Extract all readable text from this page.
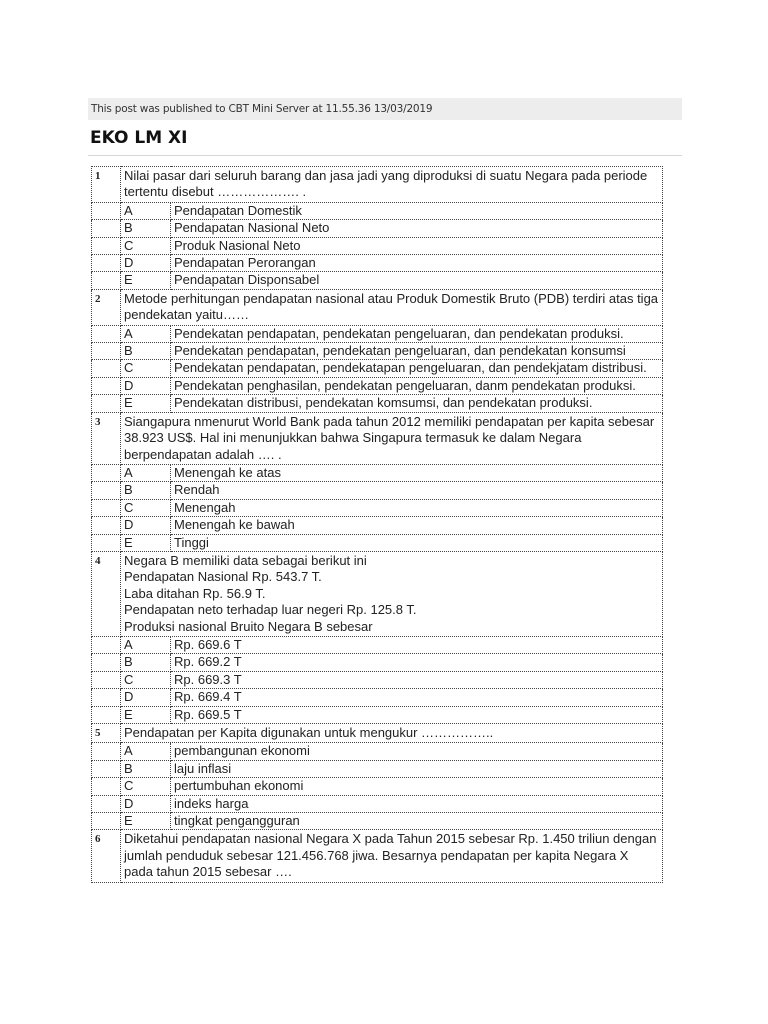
This post was published to CBT Mini Server at 11.55.36 13/03/2019
EKO LM XI
1	Nilai pasar dari seluruh barang dan jasa jadi yang diproduksi di suatu Negara pada periode tertentu disebut ………………. .	
	A	Pendapatan Domestik
	B	Pendapatan Nasional Neto
	C	Produk Nasional Neto
	D	Pendapatan Perorangan
	E	Pendapatan Disponsabel
2	Metode perhitungan pendapatan nasional atau Produk Domestik Bruto (PDB) terdiri atas tiga pendekatan yaitu……	
	A	Pendekatan pendapatan, pendekatan pengeluaran, dan pendekatan produksi.
	B	Pendekatan pendapatan, pendekatan pengeluaran, dan pendekatan konsumsi
	C	Pendekatan pendapatan, pendekatapan pengeluaran, dan pendekjatam distribusi.
	D	Pendekatan penghasilan, pendekatan pengeluaran, danm pendekatan produksi.
	E	Pendekatan distribusi, pendekatan komsumsi, dan pendekatan produksi.
3	Siangapura nmenurut World Bank pada tahun 2012 memiliki pendapatan per kapita sebesar 38.923 US$. Hal ini menunjukkan bahwa Singapura termasuk ke dalam Negara berpendapatan adalah …. .	
	A	Menengah ke atas
	B	Rendah
	C	Menengah
	D	Menengah ke bawah
	E	Tinggi
4	Negara B memiliki data sebagai berikut ini
Pendapatan Nasional Rp. 543.7 T.
Laba ditahan Rp. 56.9 T.
Pendapatan neto terhadap luar negeri Rp. 125.8 T.
Produksi nasional Bruito Negara B sebesar	
	A	Rp. 669.6 T
	B	Rp. 669.2 T
	C	Rp. 669.3 T
	D	Rp. 669.4 T
	E	Rp. 669.5 T
5	Pendapatan per Kapita digunakan untuk mengukur ……………..	
	A	pembangunan ekonomi
	B	laju inflasi
	C	pertumbuhan ekonomi
	D	indeks harga
	E	tingkat pengangguran
6	Diketahui pendapatan nasional Negara X pada Tahun 2015 sebesar Rp. 1.450 triliun dengan jumlah penduduk sebesar 121.456.768 jiwa. Besarnya pendapatan per kapita Negara X pada tahun 2015 sebesar ….	
